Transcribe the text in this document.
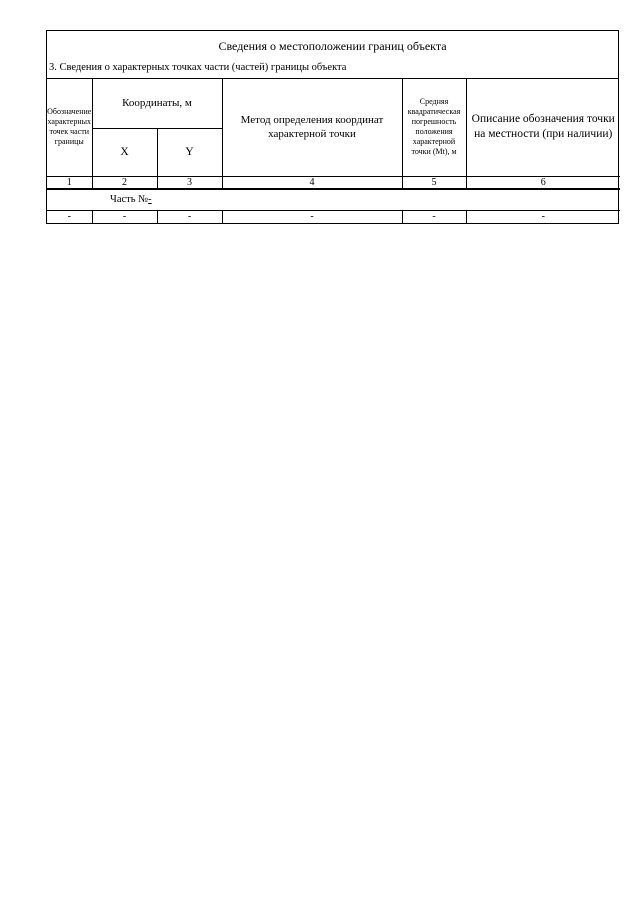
Сведения о местоположении границ объекта
3. Сведения о характерных точках части (частей) границы объекта
Обозначение характерных точек части границы	Координаты, м		Метод определения координат характерной точки	Средняя квадратическая погрешность положения характерной точки (Mt), м	Описание обозначения точки на местности (при наличии)
	X	Y			
1	2	3	4	5	6
Часть №-					
-	-	-	-	-	-
